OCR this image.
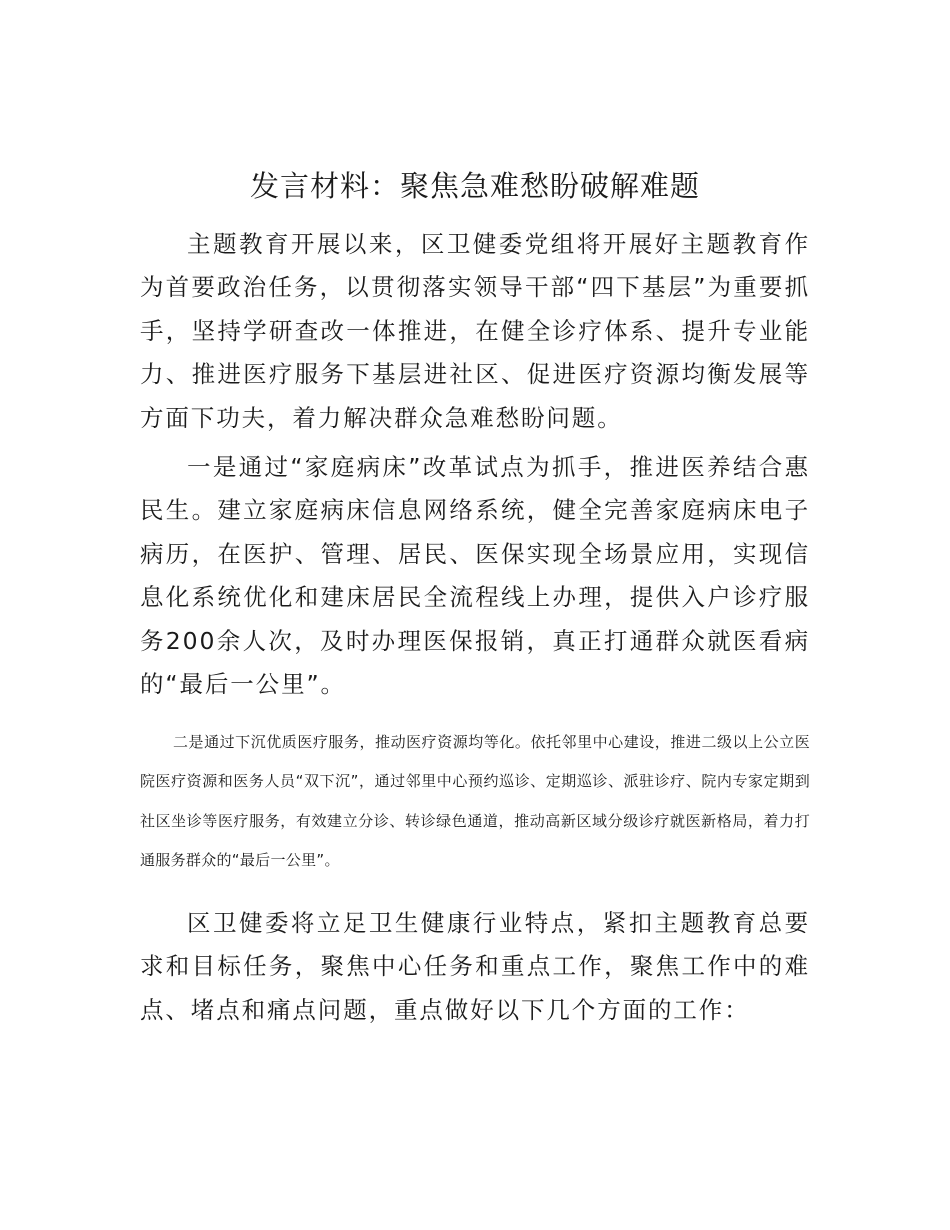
发言材料：聚焦急难愁盼破解难题

主题教育开展以来，区卫健委党组将开展好主题教育作为首要政治任务，以贯彻落实领导干部“四下基层”为重要抓手，坚持学研查改一体推进，在健全诊疗体系、提升专业能力、推进医疗服务下基层进社区、促进医疗资源均衡发展等方面下功夫，着力解决群众急难愁盼问题。

一是通过“家庭病床”改革试点为抓手，推进医养结合惠民生。建立家庭病床信息网络系统，健全完善家庭病床电子病历，在医护、管理、居民、医保实现全场景应用，实现信息化系统优化和建床居民全流程线上办理，提供入户诊疗服务200余人次，及时办理医保报销，真正打通群众就医看病的“最后一公里”。

二是通过下沉优质医疗服务，推动医疗资源均等化。依托邻里中心建设，推进二级以上公立医院医疗资源和医务人员“双下沉”，通过邻里中心预约巡诊、定期巡诊、派驻诊疗、院内专家定期到社区坐诊等医疗服务，有效建立分诊、转诊绿色通道，推动高新区域分级诊疗就医新格局，着力打通服务群众的“最后一公里”。

区卫健委将立足卫生健康行业特点，紧扣主题教育总要求和目标任务，聚焦中心任务和重点工作，聚焦工作中的难点、堵点和痛点问题，重点做好以下几个方面的工作：
